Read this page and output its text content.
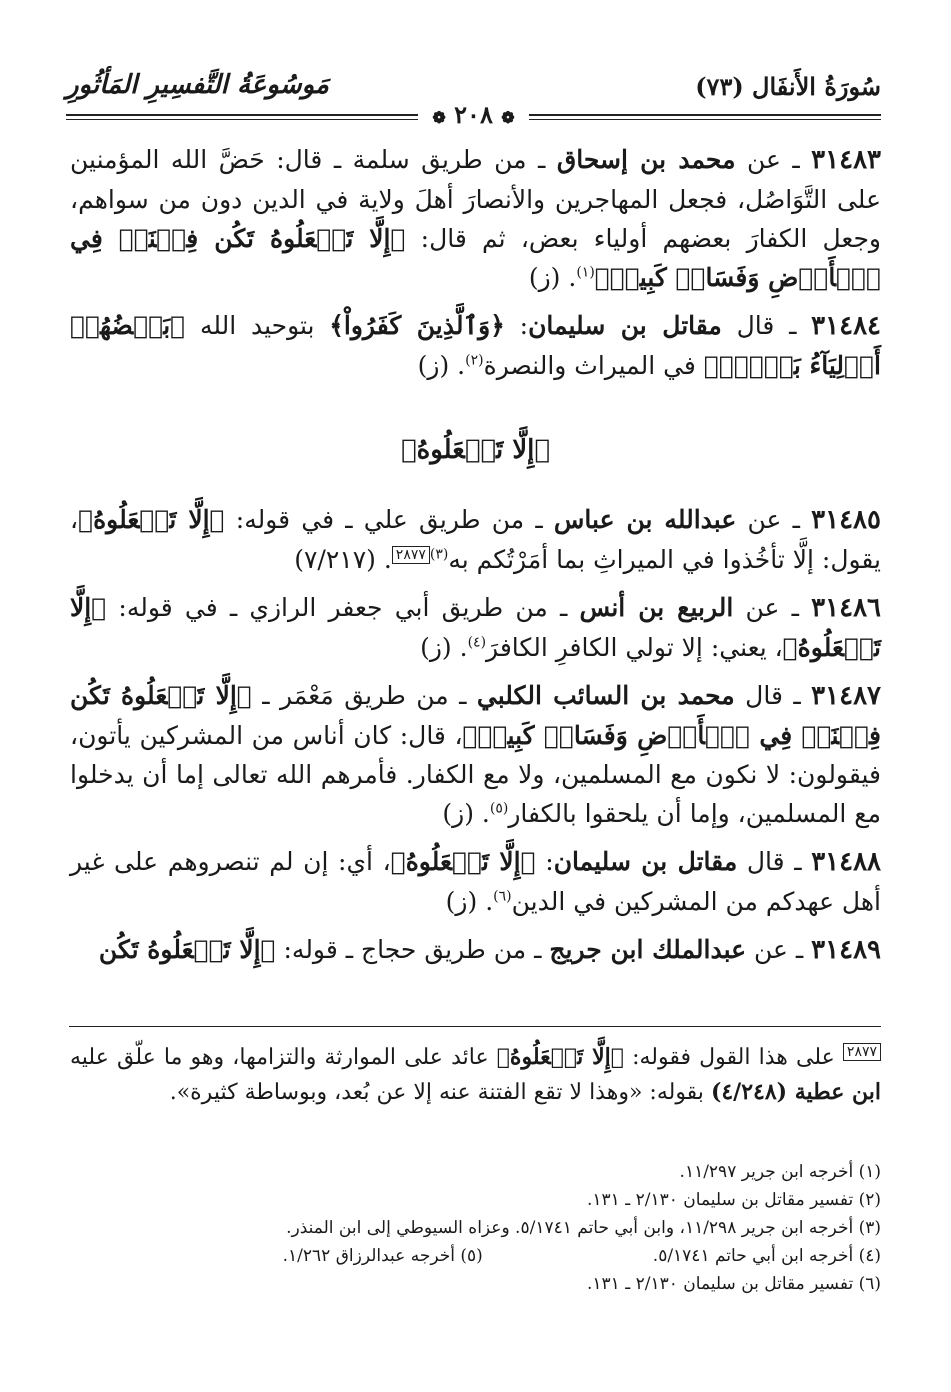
سُورَةُ الأَنفَال (٧٣)
مَوسُوعَةُ التَّفسِيرِ المَأثُورِ
❁ ٢٠٨ ❁

٣١٤٨٣ ـ عن محمد بن إسحاق ـ من طريق سلمة ـ قال: حَضَّ الله المؤمنين على التَّوَاصُل، فجعل المهاجرين والأنصارَ أهلَ ولاية في الدين دون من سواهم، وجعل الكفارَ بعضهم أولياء بعض، ثم قال: ﴿إِلَّا تَفۡعَلُوهُ تَكُن فِتۡنَةٞ فِي ٱلۡأَرۡضِ وَفَسَادٞ كَبِيرٞ﴾$^{(١)}$. (ز)

٣١٤٨٤ ـ قال مقاتل بن سليمان: ﴿وَٱلَّذِينَ كَفَرُواْ﴾ بتوحيد الله ﴿بَعۡضُهُمۡ أَوۡلِيَآءُ بَعۡضٍۚ﴾ في الميراث والنصرة$^{(٢)}$. (ز)

﴿إِلَّا تَفۡعَلُوهُ﴾

٣١٤٨٥ ـ عن عبدالله بن عباس ـ من طريق علي ـ في قوله: ﴿إِلَّا تَفۡعَلُوهُ﴾، يقول: إلَّا تأخُذوا في الميراثِ بما أمَرْتُكم به$^{(٣)}$٢٨٧٧. (٧/٢١٧)

٣١٤٨٦ ـ عن الربيع بن أنس ـ من طريق أبي جعفر الرازي ـ في قوله: ﴿إِلَّا تَفۡعَلُوهُ﴾، يعني: إلا تولي الكافرِ الكافرَ$^{(٤)}$. (ز)

٣١٤٨٧ ـ قال محمد بن السائب الكلبي ـ من طريق مَعْمَر ـ ﴿إِلَّا تَفۡعَلُوهُ تَكُن فِتۡنَةٞ فِي ٱلۡأَرۡضِ وَفَسَادٞ كَبِيرٞ﴾، قال: كان أناس من المشركين يأتون، فيقولون: لا نكون مع المسلمين، ولا مع الكفار. فأمرهم الله تعالى إما أن يدخلوا مع المسلمين، وإما أن يلحقوا بالكفار$^{(٥)}$. (ز)

٣١٤٨٨ ـ قال مقاتل بن سليمان: ﴿إِلَّا تَفۡعَلُوهُ﴾، أي: إن لم تنصروهم على غير أهل عهدكم من المشركين في الدين$^{(٦)}$. (ز)

٣١٤٨٩ ـ عن عبدالملك ابن جريج ـ من طريق حجاج ـ قوله: ﴿إِلَّا تَفۡعَلُوهُ تَكُن

٢٨٧٧ على هذا القول فقوله: ﴿إِلَّا تَفۡعَلُوهُ﴾ عائد على الموارثة والتزامها، وهو ما علّق عليه ابن عطية (٤/٢٤٨) بقوله: «وهذا لا تقع الفتنة عنه إلا عن بُعد، وبوساطة كثيرة».
(١) أخرجه ابن جرير ١١/٢٩٧.
(٢) تفسير مقاتل بن سليمان ٢/١٣٠ ـ ١٣١.
(٣) أخرجه ابن جرير ١١/٢٩٨، وابن أبي حاتم ٥/١٧٤١. وعزاه السيوطي إلى ابن المنذر.
(٤) أخرجه ابن أبي حاتم ٥/١٧٤١.
(٥) أخرجه عبدالرزاق ١/٢٦٢.
(٦) تفسير مقاتل بن سليمان ٢/١٣٠ ـ ١٣١.
